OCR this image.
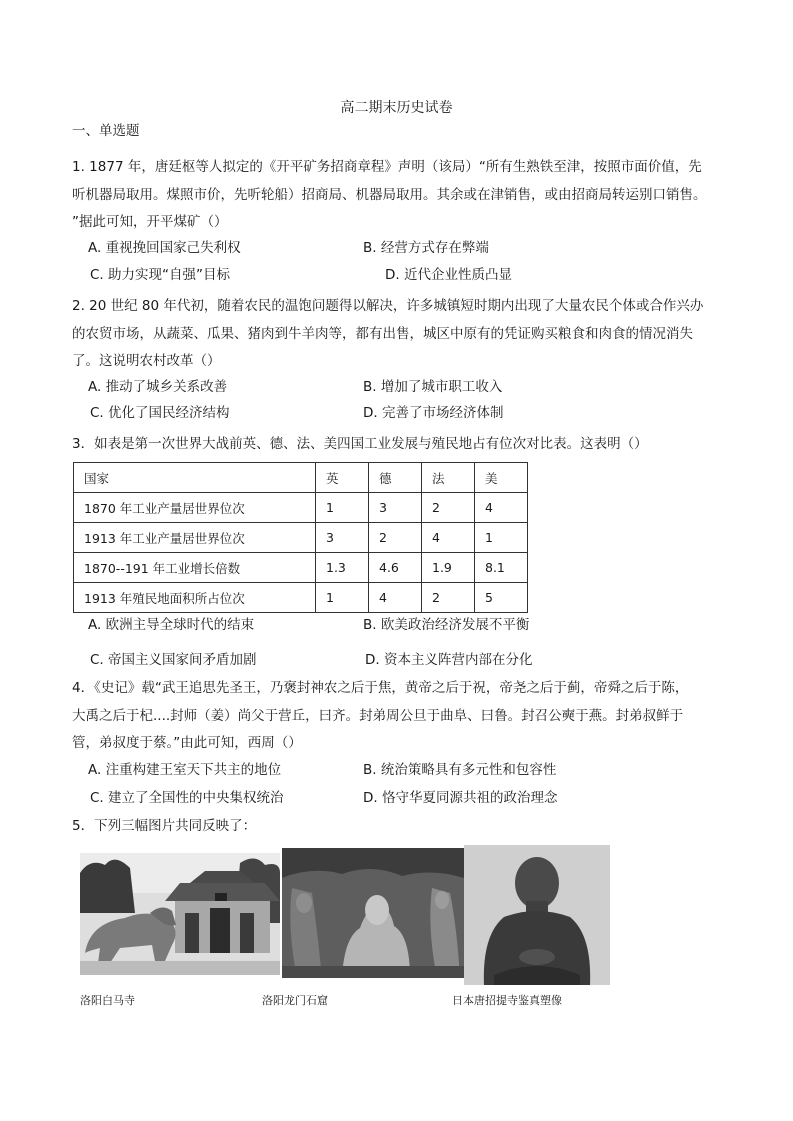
高二期末历史试卷
一、单选题
1. 1877 年，唐廷枢等人拟定的《开平矿务招商章程》声明（该局）“所有生熟铁至津，按照市面价值，先
听机器局取用。煤照市价，先听轮船）招商局、机器局取用。其余或在津销售，或由招商局转运别口销售。
”据此可知，开平煤矿（）
A. 重视挽回国家己失利权	B. 经营方式存在弊端
C. 助力实现“自强”目标	D. 近代企业性质凸显
2. 20 世纪 80 年代初，随着农民的温饱问题得以解决，许多城镇短时期内出现了大量农民个体或合作兴办
的农贸市场，从蔬菜、瓜果、猪肉到牛羊肉等，都有出售，城区中原有的凭证购买粮食和肉食的情况消失
了。这说明农村改革（）
A. 推动了城乡关系改善	B. 增加了城市职工收入
C. 优化了国民经济结构	D. 完善了市场经济体制
3．如表是第一次世界大战前英、德、法、美四国工业发展与殖民地占有位次对比表。这表明（）
国家	英	德	法	美
1870 年工业产量居世界位次	1	3	2	4
1913 年工业产量居世界位次	3	2	4	1
1870--191 年工业增长倍数	1.3	4.6	1.9	8.1
1913 年殖民地面积所占位次	1	4	2	5
A. 欧洲主导全球时代的结束	B. 欧美政治经济发展不平衡
C. 帝国主义国家间矛盾加剧	D. 资本主义阵营内部在分化
4．《史记》载“武王追思先圣王，乃褒封神农之后于焦，黄帝之后于祝，帝尧之后于蓟，帝舜之后于陈，
大禹之后于杞....封师（姜）尚父于营丘，曰齐。封弟周公旦于曲阜、曰鲁。封召公奭于燕。封弟叔鲜于
管，弟叔度于蔡。”由此可知，西周（）
A. 注重构建王室天下共主的地位	B. 统治策略具有多元性和包容性
C. 建立了全国性的中央集权统治	D. 恪守华夏同源共祖的政治理念
5．下列三幅图片共同反映了：
洛阳白马寺	洛阳龙门石窟	日本唐招提寺鉴真塑像
